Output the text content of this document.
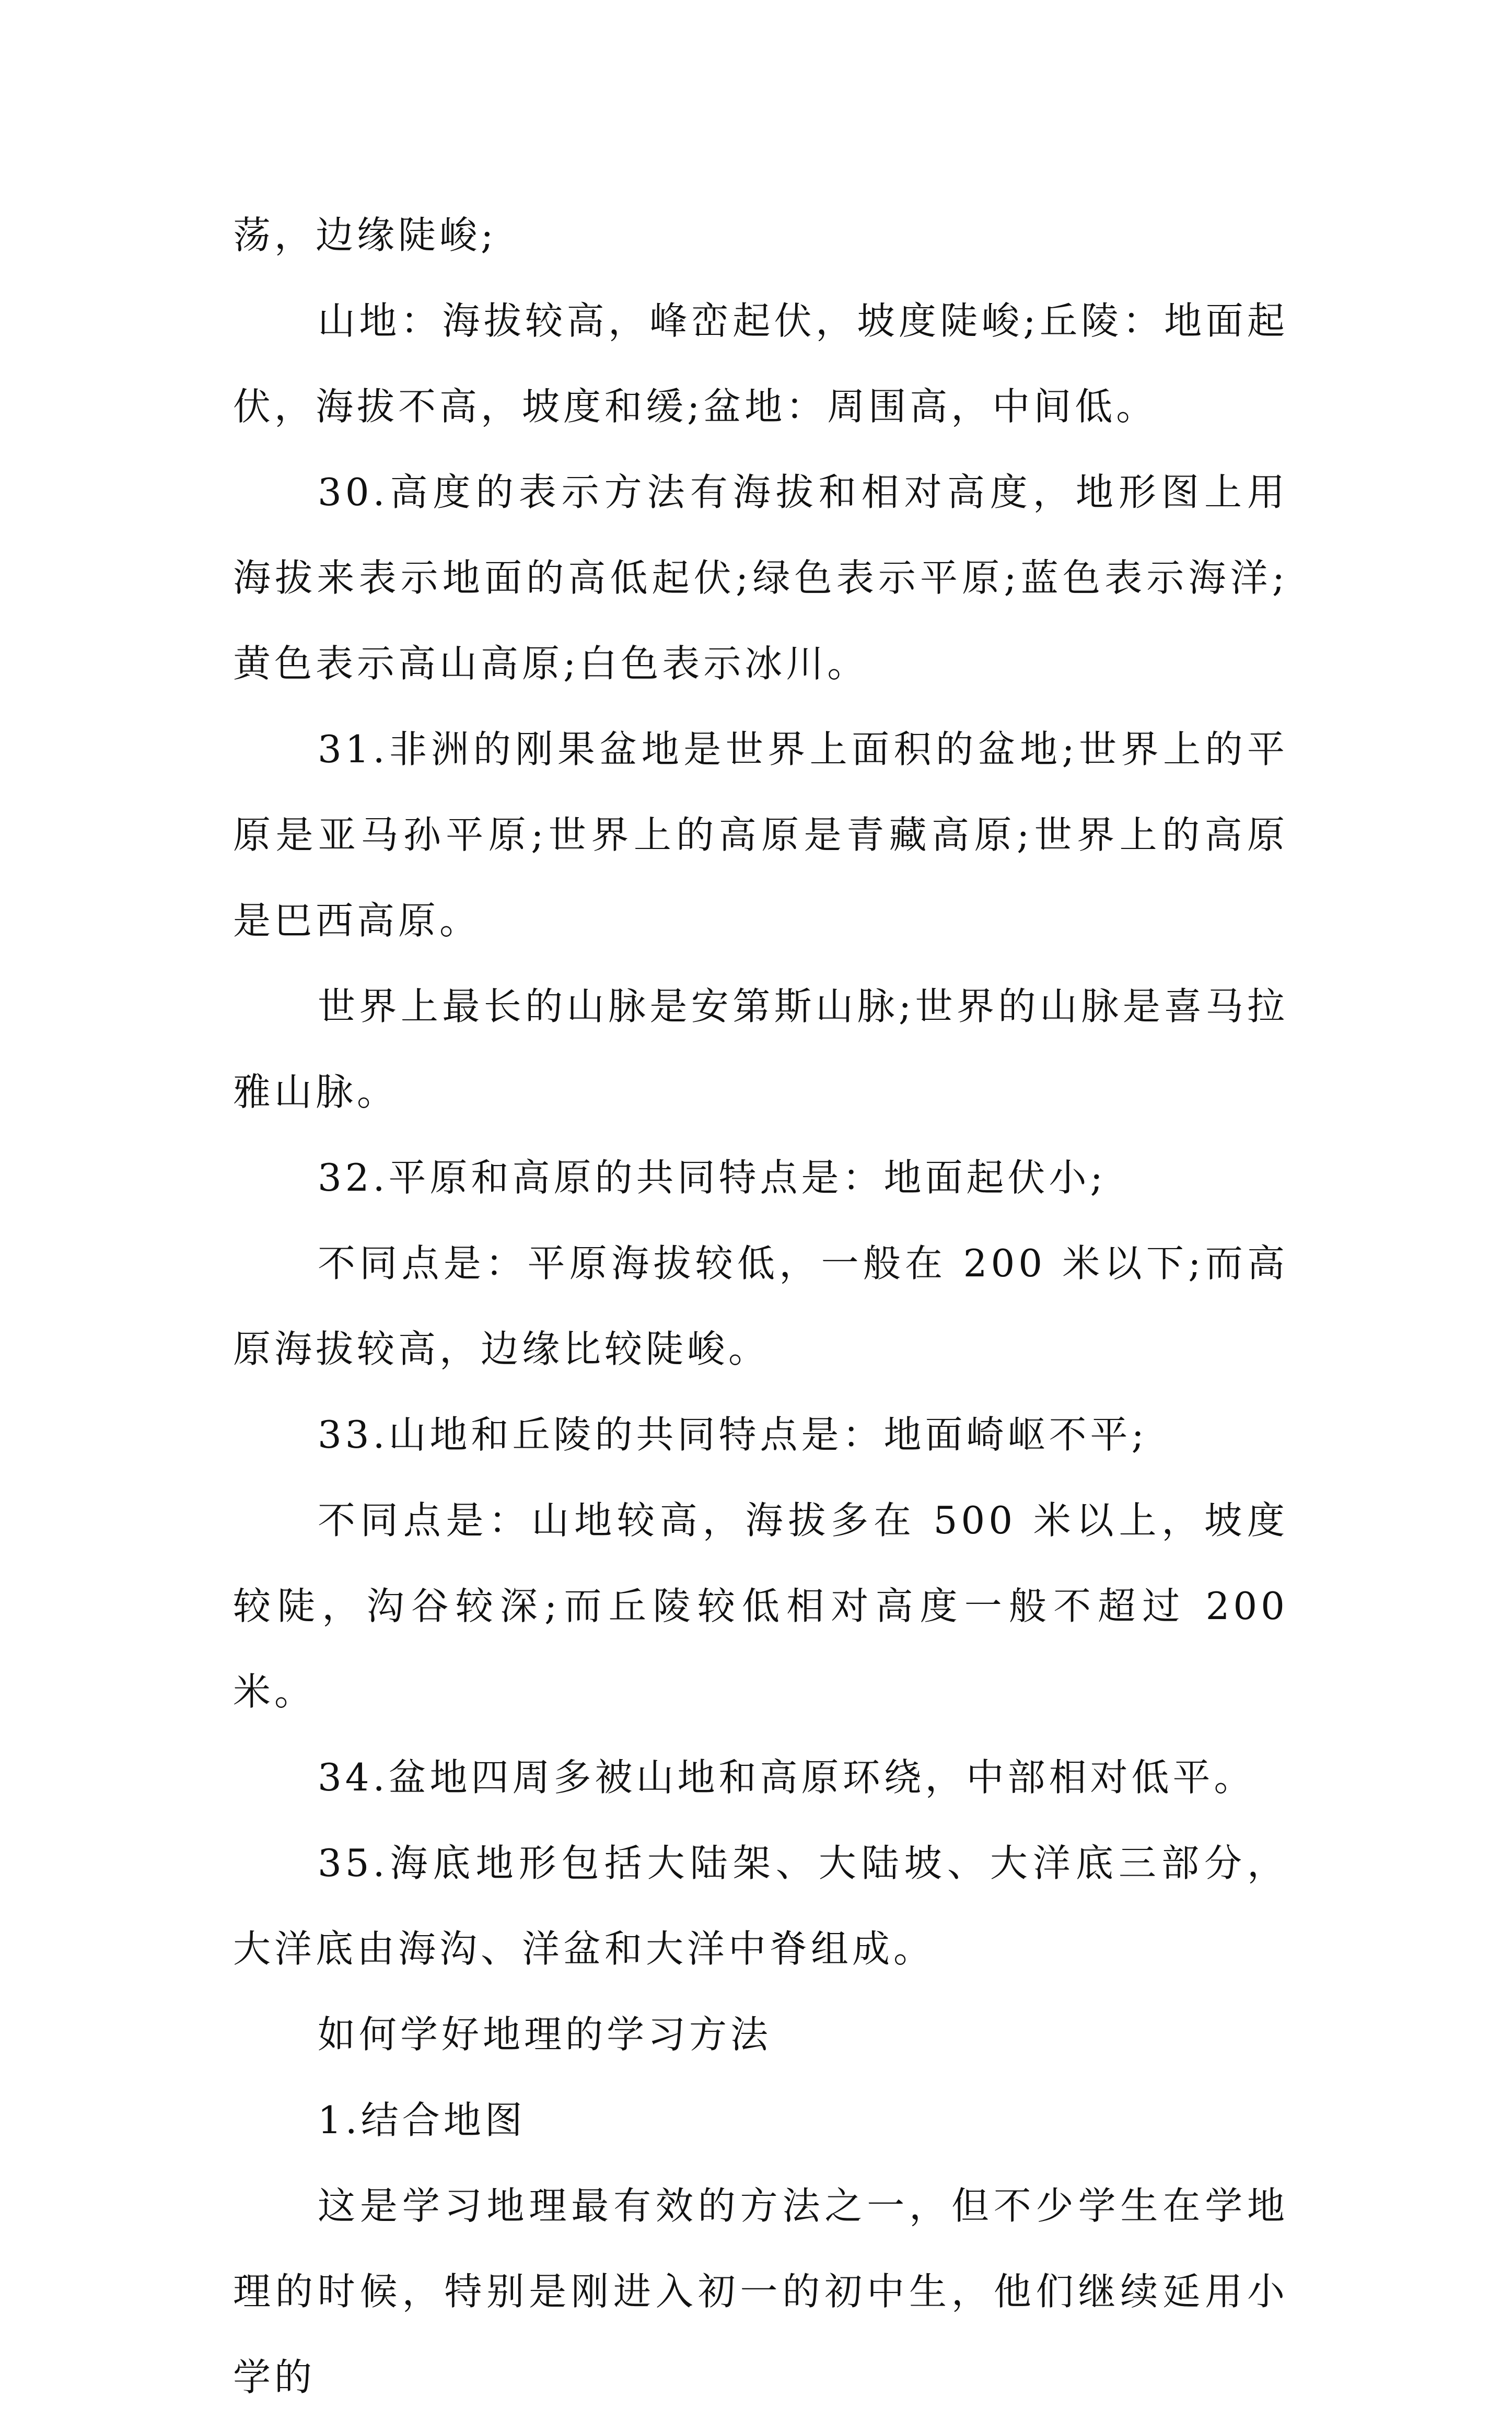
荡，边缘陡峻;

山地：海拔较高，峰峦起伏，坡度陡峻;丘陵：地面起伏，海拔不高，坡度和缓;盆地：周围高，中间低。

30.高度的表示方法有海拔和相对高度，地形图上用海拔来表示地面的高低起伏;绿色表示平原;蓝色表示海洋;黄色表示高山高原;白色表示冰川。

31.非洲的刚果盆地是世界上面积的盆地;世界上的平原是亚马孙平原;世界上的高原是青藏高原;世界上的高原是巴西高原。

世界上最长的山脉是安第斯山脉;世界的山脉是喜马拉雅山脉。

32.平原和高原的共同特点是：地面起伏小;

不同点是：平原海拔较低，一般在 200 米以下;而高原海拔较高，边缘比较陡峻。

33.山地和丘陵的共同特点是：地面崎岖不平;

不同点是：山地较高，海拔多在 500 米以上，坡度较陡，沟谷较深;而丘陵较低相对高度一般不超过 200 米。

34.盆地四周多被山地和高原环绕，中部相对低平。

35.海底地形包括大陆架、大陆坡、大洋底三部分，大洋底由海沟、洋盆和大洋中脊组成。

如何学好地理的学习方法

1.结合地图

这是学习地理最有效的方法之一，但不少学生在学地理的时候，特别是刚进入初一的初中生，他们继续延用小学的
